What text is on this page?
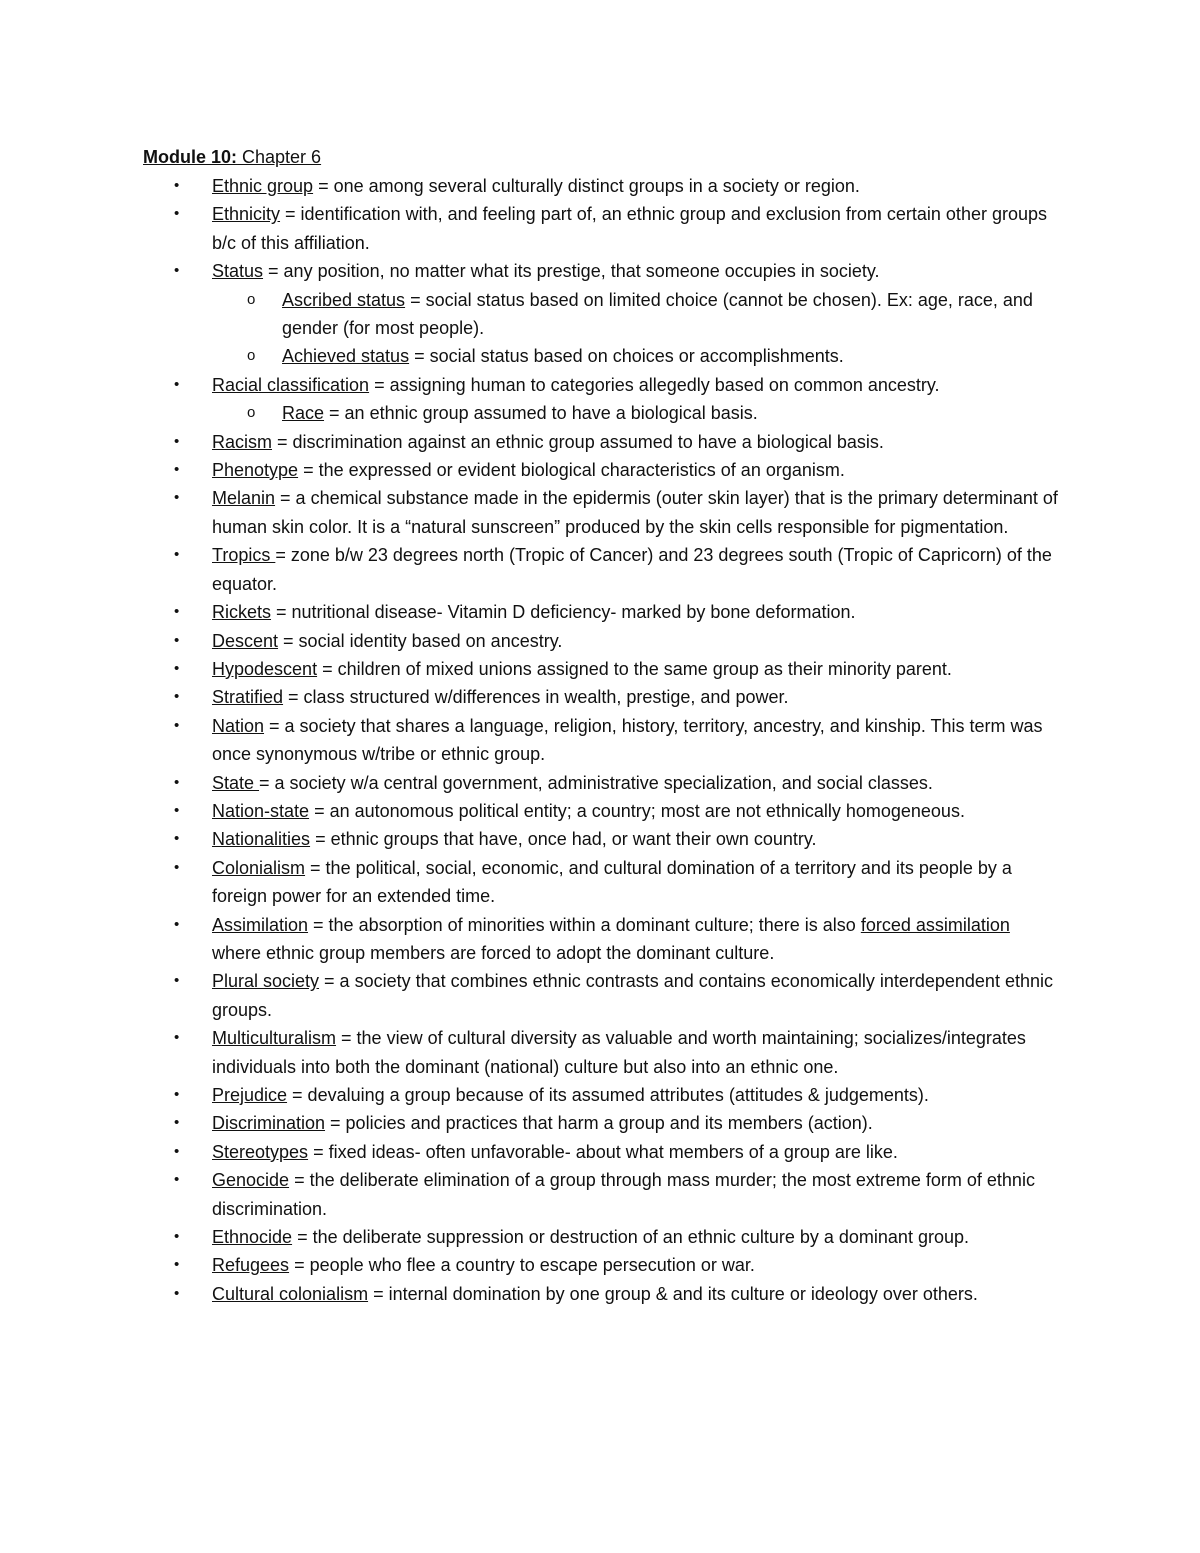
Module 10: Chapter 6
•	Ethnic group = one among several culturally distinct groups in a society or region.
•	Ethnicity = identification with, and feeling part of, an ethnic group and exclusion from certain other groups b/c of this affiliation.
•	Status = any position, no matter what its prestige, that someone occupies in society.
o Ascribed status = social status based on limited choice (cannot be chosen). Ex: age, race, and gender (for most people).
o Achieved status = social status based on choices or accomplishments.
•	Racial classification = assigning human to categories allegedly based on common ancestry.
o Race = an ethnic group assumed to have a biological basis.
•	Racism = discrimination against an ethnic group assumed to have a biological basis.
•	Phenotype = the expressed or evident biological characteristics of an organism.
•	Melanin = a chemical substance made in the epidermis (outer skin layer) that is the primary determinant of human skin color. It is a “natural sunscreen” produced by the skin cells responsible for pigmentation.
•	Tropics = zone b/w 23 degrees north (Tropic of Cancer) and 23 degrees south (Tropic of Capricorn) of the equator.
•	Rickets = nutritional disease- Vitamin D deficiency- marked by bone deformation.
•	Descent = social identity based on ancestry.
•	Hypodescent = children of mixed unions assigned to the same group as their minority parent.
•	Stratified = class structured w/differences in wealth, prestige, and power.
•	Nation = a society that shares a language, religion, history, territory, ancestry, and kinship. This term was once synonymous w/tribe or ethnic group.
•	State = a society w/a central government, administrative specialization, and social classes.
•	Nation-state = an autonomous political entity; a country; most are not ethnically homogeneous.
•	Nationalities = ethnic groups that have, once had, or want their own country.
•	Colonialism = the political, social, economic, and cultural domination of a territory and its people by a foreign power for an extended time.
•	Assimilation = the absorption of minorities within a dominant culture; there is also forced assimilation where ethnic group members are forced to adopt the dominant culture.
•	Plural society = a society that combines ethnic contrasts and contains economically interdependent ethnic groups.
•	Multiculturalism = the view of cultural diversity as valuable and worth maintaining; socializes/integrates individuals into both the dominant (national) culture but also into an ethnic one.
•	Prejudice = devaluing a group because of its assumed attributes (attitudes & judgements).
•	Discrimination = policies and practices that harm a group and its members (action).
•	Stereotypes = fixed ideas- often unfavorable- about what members of a group are like.
•	Genocide = the deliberate elimination of a group through mass murder; the most extreme form of ethnic discrimination.
•	Ethnocide = the deliberate suppression or destruction of an ethnic culture by a dominant group.
•	Refugees = people who flee a country to escape persecution or war.
•	Cultural colonialism = internal domination by one group & and its culture or ideology over others.
